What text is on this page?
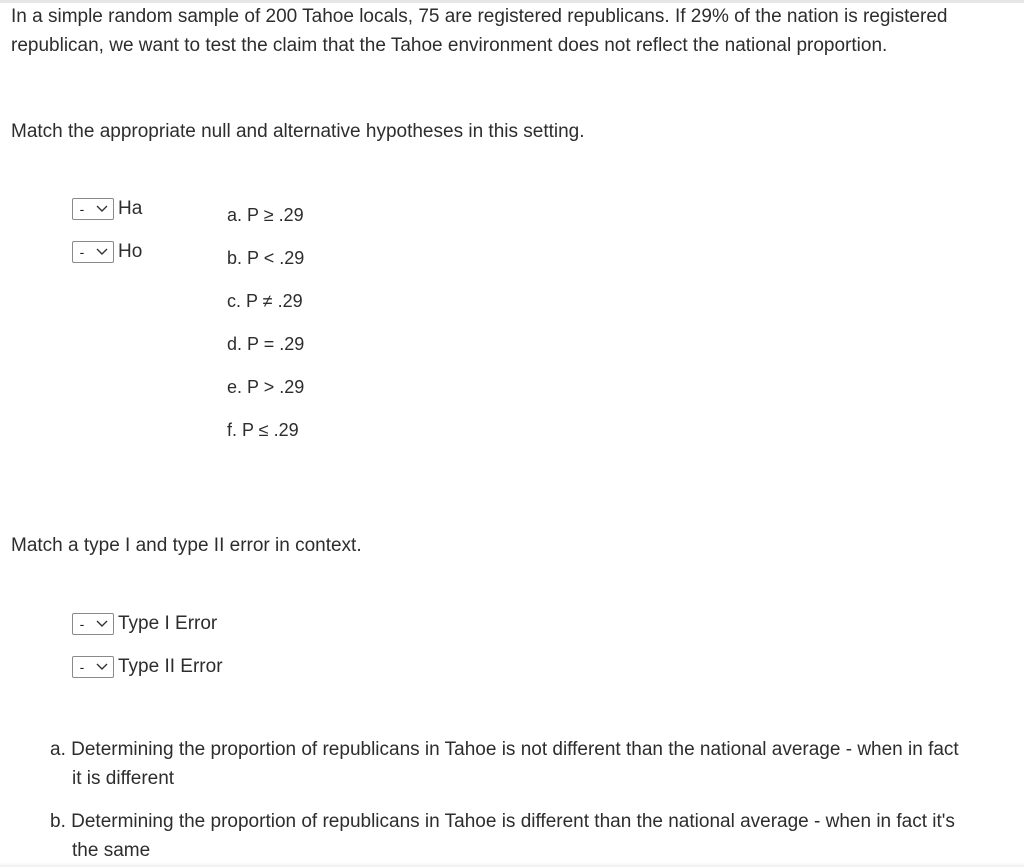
In a simple random sample of 200 Tahoe locals, 75 are registered republicans. If 29% of the nation is registered republican, we want to test the claim that the Tahoe environment does not reflect the national proportion.

Match the appropriate null and alternative hypotheses in this setting.

-	Ha
-	Ho
a. P ≥ .29
b. P < .29
c. P ≠ .29
d. P = .29
e. P > .29
f. P ≤ .29

Match a type I and type II error in context.

-	Type I Error
-	Type II Error

a. Determining the proportion of republicans in Tahoe is not different than the national average - when in fact it is different

b. Determining the proportion of republicans in Tahoe is different than the national average - when in fact it's the same
